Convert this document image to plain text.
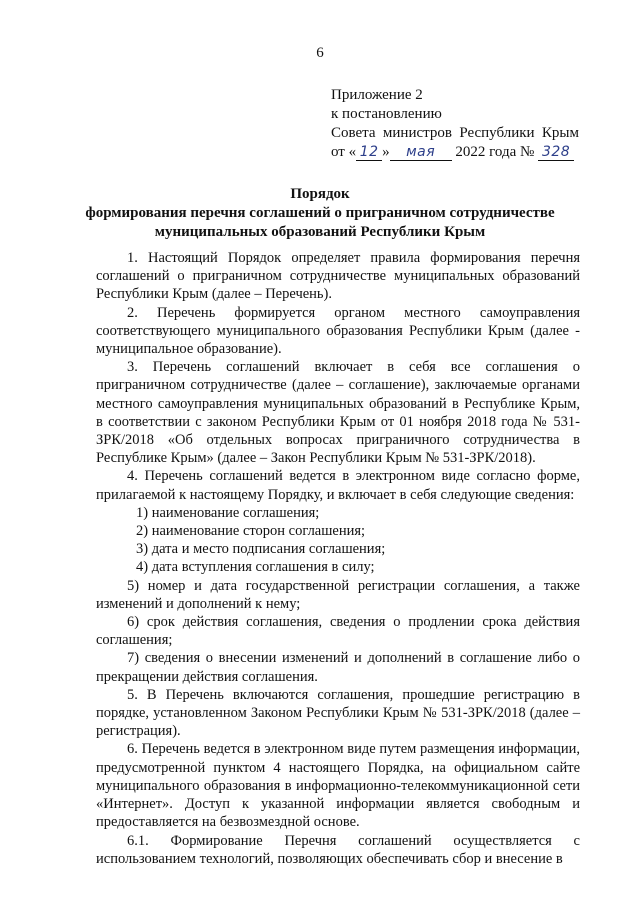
6
Приложение 2
к постановлению
Совета министров Республики Крым
от « 12 » мая 2022 года № 328
Порядок
формирования перечня соглашений о приграничном сотрудничестве
муниципальных образований Республики Крым

1. Настоящий Порядок определяет правила формирования перечня соглашений о приграничном сотрудничестве муниципальных образований Республики Крым (далее – Перечень).

2. Перечень формируется органом местного самоуправления соответствующего муниципального образования Республики Крым (далее - муниципальное образование).

3. Перечень соглашений включает в себя все соглашения о приграничном сотрудничестве (далее – соглашение), заключаемые органами местного самоуправления муниципальных образований в Республике Крым, в соответствии с законом Республики Крым от 01 ноября 2018 года № 531-ЗРК/2018 «Об отдельных вопросах приграничного сотрудничества в Республике Крым» (далее – Закон Республики Крым № 531-ЗРК/2018).

4. Перечень соглашений ведется в электронном виде согласно форме, прилагаемой к настоящему Порядку, и включает в себя следующие сведения:

1) наименование соглашения;

2) наименование сторон соглашения;

3) дата и место подписания соглашения;

4) дата вступления соглашения в силу;

5) номер и дата государственной регистрации соглашения, а также изменений и дополнений к нему;

6) срок действия соглашения, сведения о продлении срока действия соглашения;

7) сведения о внесении изменений и дополнений в соглашение либо о прекращении действия соглашения.

5. В Перечень включаются соглашения, прошедшие регистрацию в порядке, установленном Законом Республики Крым № 531-ЗРК/2018 (далее – регистрация).

6. Перечень ведется в электронном виде путем размещения информации, предусмотренной пунктом 4 настоящего Порядка, на официальном сайте муниципального образования в информационно-телекоммуникационной сети «Интернет». Доступ к указанной информации является свободным и предоставляется на безвозмездной основе.

6.1. Формирование Перечня соглашений осуществляется с использованием технологий, позволяющих обеспечивать сбор и внесение в
